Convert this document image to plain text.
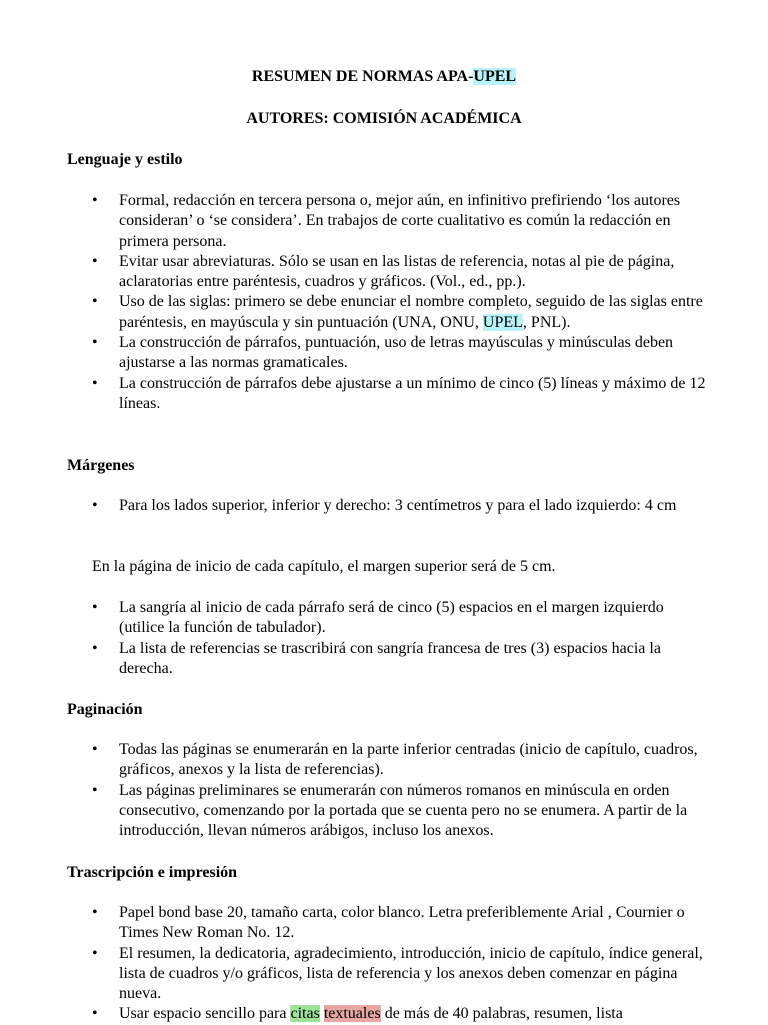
RESUMEN DE NORMAS APA-UPEL
AUTORES: COMISIÓN ACADÉMICA
Lenguaje y estilo
• Formal, redacción en tercera persona o, mejor aún, en infinitivo prefiriendo ‘los autores consideran’ o ‘se considera’. En trabajos de corte cualitativo es común la redacción en primera persona.
• Evitar usar abreviaturas. Sólo se usan en las listas de referencia, notas al pie de página, aclaratorias entre paréntesis, cuadros y gráficos. (Vol., ed., pp.).
• Uso de las siglas: primero se debe enunciar el nombre completo, seguido de las siglas entre paréntesis, en mayúscula y sin puntuación (UNA, ONU, UPEL, PNL).
• La construcción de párrafos, puntuación, uso de letras mayúsculas y minúsculas deben ajustarse a las normas gramaticales.
• La construcción de párrafos debe ajustarse a un mínimo de cinco (5) líneas y máximo de 12 líneas.
Márgenes
• Para los lados superior, inferior y derecho: 3 centímetros y para el lado izquierdo: 4 cm
En la página de inicio de cada capítulo, el margen superior será de 5 cm.
• La sangría al inicio de cada párrafo será de cinco (5) espacios en el margen izquierdo (utilice la función de tabulador).
• La lista de referencias se trascribirá con sangría francesa de tres (3) espacios hacia la derecha.
Paginación
• Todas las páginas se enumerarán en la parte inferior centradas (inicio de capítulo, cuadros, gráficos, anexos y la lista de referencias).
• Las páginas preliminares se enumerarán con números romanos en minúscula en orden consecutivo, comenzando por la portada que se cuenta pero no se enumera. A partir de la introducción, llevan números arábigos, incluso los anexos.
Trascripción e impresión
• Papel bond base 20, tamaño carta, color blanco. Letra preferiblemente Arial , Cournier o Times New Roman No. 12.
• El resumen, la dedicatoria, agradecimiento, introducción, inicio de capítulo, índice general, lista de cuadros y/o gráficos, lista de referencia y los anexos deben comenzar en página nueva.
• Usar espacio sencillo para citas textuales de más de 40 palabras, resumen, lista
